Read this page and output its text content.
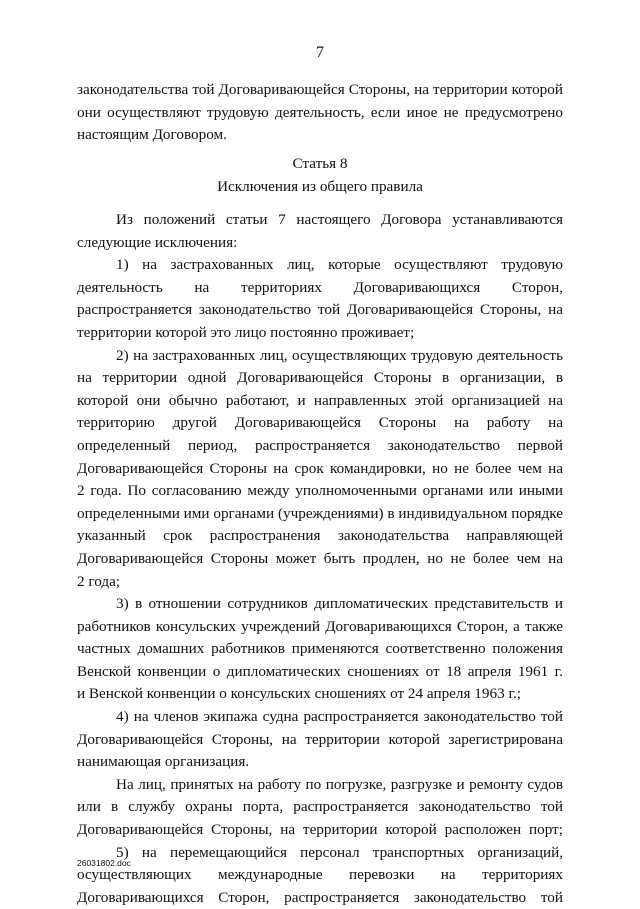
7
законодательства той Договаривающейся Стороны, на территории которой
они осуществляют трудовую деятельность, если иное не предусмотрено
настоящим Договором.
Статья 8
Исключения из общего правила
Из положений статьи 7 настоящего Договора устанавливаются
следующие исключения:
1) на застрахованных лиц, которые осуществляют трудовую
деятельность на территориях Договаривающихся Сторон,
распространяется законодательство той Договаривающейся Стороны, на
территории которой это лицо постоянно проживает;
2) на застрахованных лиц, осуществляющих трудовую деятельность
на территории одной Договаривающейся Стороны в организации, в
которой они обычно работают, и направленных этой организацией на
территорию другой Договаривающейся Стороны на работу на
определенный период, распространяется законодательство первой
Договаривающейся Стороны на срок командировки, но не более чем на
2 года. По согласованию между уполномоченными органами или иными
определенными ими органами (учреждениями) в индивидуальном порядке
указанный срок распространения законодательства направляющей
Договаривающейся Стороны может быть продлен, но не более чем на
2 года;
3) в отношении сотрудников дипломатических представительств и
работников консульских учреждений Договаривающихся Сторон, а также
частных домашних работников применяются соответственно положения
Венской конвенции о дипломатических сношениях от 18 апреля 1961 г.
и Венской конвенции о консульских сношениях от 24 апреля 1963 г.;
4) на членов экипажа судна распространяется законодательство той
Договаривающейся Стороны, на территории которой зарегистрирована
нанимающая организация.
На лиц, принятых на работу по погрузке, разгрузке и ремонту судов
или в службу охраны порта, распространяется законодательство той
Договаривающейся Стороны, на территории которой расположен порт;
5) на перемещающийся персонал транспортных организаций,
осуществляющих международные перевозки на территориях
Договаривающихся Сторон, распространяется законодательство той
26031802.doc
